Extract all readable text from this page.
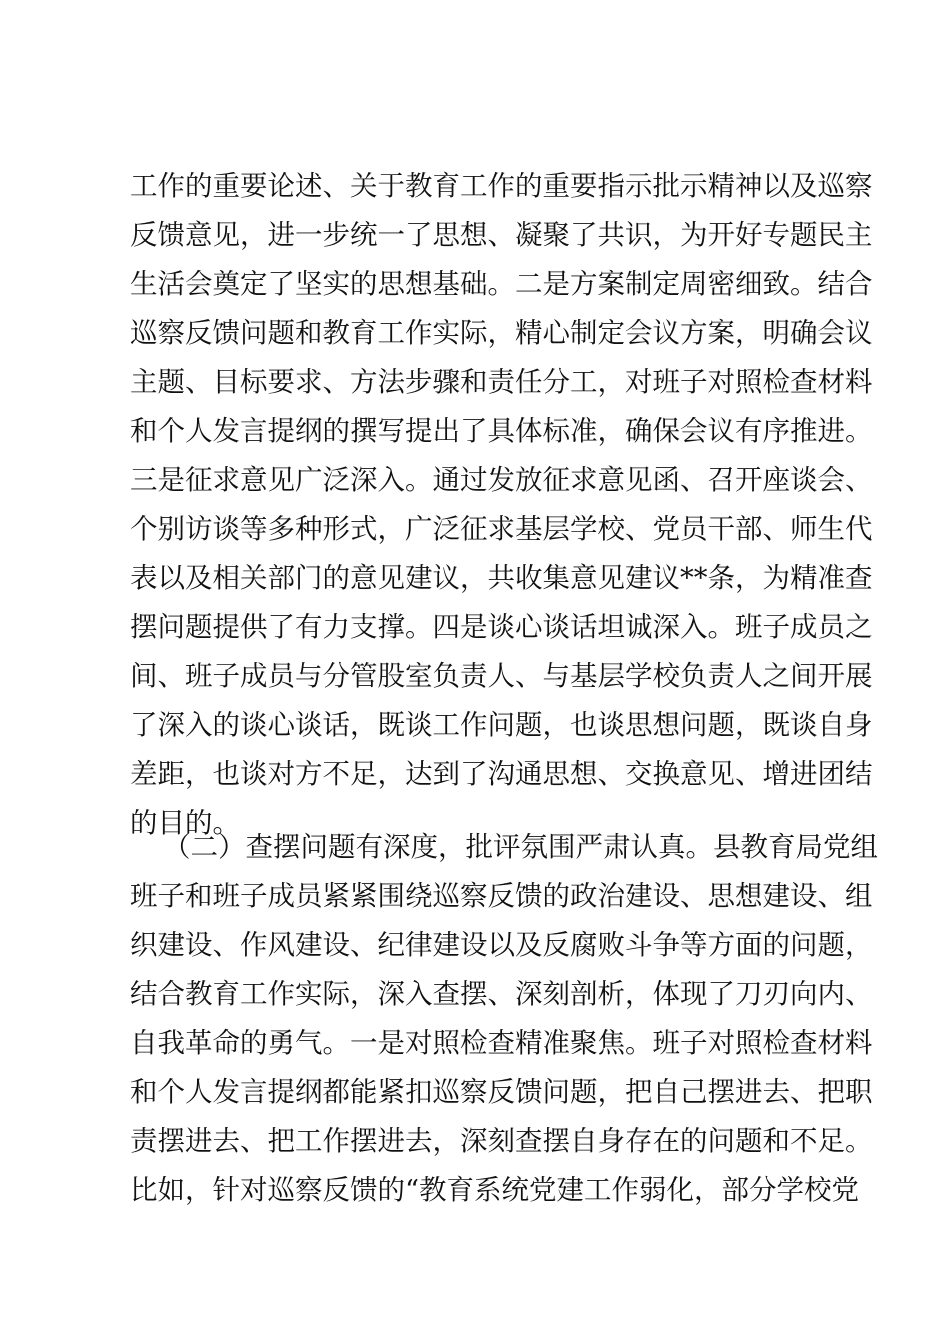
工作的重要论述、关于教育工作的重要指示批示精神以及巡察
反馈意见，进一步统一了思想、凝聚了共识，为开好专题民主
生活会奠定了坚实的思想基础。二是方案制定周密细致。结合
巡察反馈问题和教育工作实际，精心制定会议方案，明确会议
主题、目标要求、方法步骤和责任分工，对班子对照检查材料
和个人发言提纲的撰写提出了具体标准，确保会议有序推进。
三是征求意见广泛深入。通过发放征求意见函、召开座谈会、
个别访谈等多种形式，广泛征求基层学校、党员干部、师生代
表以及相关部门的意见建议，共收集意见建议**条，为精准查
摆问题提供了有力支撑。四是谈心谈话坦诚深入。班子成员之
间、班子成员与分管股室负责人、与基层学校负责人之间开展
了深入的谈心谈话，既谈工作问题，也谈思想问题，既谈自身
差距，也谈对方不足，达到了沟通思想、交换意见、增进团结
的目的。
（二）查摆问题有深度，批评氛围严肃认真。县教育局党组
班子和班子成员紧紧围绕巡察反馈的政治建设、思想建设、组
织建设、作风建设、纪律建设以及反腐败斗争等方面的问题，
结合教育工作实际，深入查摆、深刻剖析，体现了刀刃向内、
自我革命的勇气。一是对照检查精准聚焦。班子对照检查材料
和个人发言提纲都能紧扣巡察反馈问题，把自己摆进去、把职
责摆进去、把工作摆进去，深刻查摆自身存在的问题和不足。
比如，针对巡察反馈的“教育系统党建工作弱化，部分学校党
